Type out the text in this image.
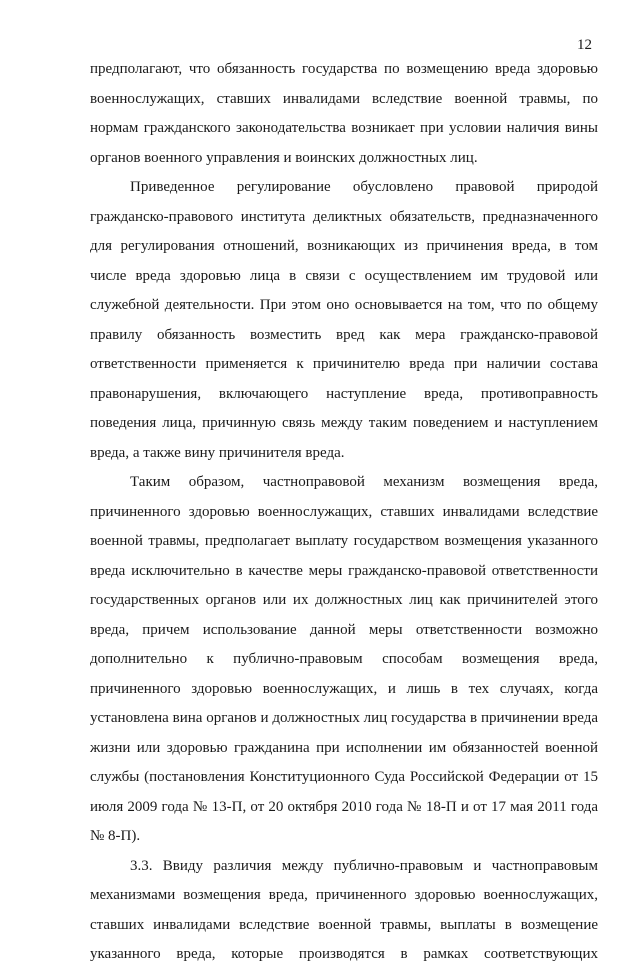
12

предполагают, что обязанность государства по возмещению вреда здоровью военнослужащих, ставших инвалидами вследствие военной травмы, по нормам гражданского законодательства возникает при условии наличия вины органов военного управления и воинских должностных лиц.

Приведенное регулирование обусловлено правовой природой гражданско-правового института деликтных обязательств, предназначенного для регулирования отношений, возникающих из причинения вреда, в том числе вреда здоровью лица в связи с осуществлением им трудовой или служебной деятельности. При этом оно основывается на том, что по общему правилу обязанность возместить вред как мера гражданско-правовой ответственности применяется к причинителю вреда при наличии состава правонарушения, включающего наступление вреда, противоправность поведения лица, причинную связь между таким поведением и наступлением вреда, а также вину причинителя вреда.

Таким образом, частноправовой механизм возмещения вреда, причиненного здоровью военнослужащих, ставших инвалидами вследствие военной травмы, предполагает выплату государством возмещения указанного вреда исключительно в качестве меры гражданско-правовой ответственности государственных органов или их должностных лиц как причинителей этого вреда, причем использование данной меры ответственности возможно дополнительно к публично-правовым способам возмещения вреда, причиненного здоровью военнослужащих, и лишь в тех случаях, когда установлена вина органов и должностных лиц государства в причинении вреда жизни или здоровью гражданина при исполнении им обязанностей военной службы (постановления Конституционного Суда Российской Федерации от 15 июля 2009 года № 13-П, от 20 октября 2010 года № 18-П и от 17 мая 2011 года № 8-П).

3.3. Ввиду различия между публично-правовым и частноправовым механизмами возмещения вреда, причиненного здоровью военнослужащих, ставших инвалидами вследствие военной травмы, выплаты в возмещение указанного вреда, которые производятся в рамках соответствующих
